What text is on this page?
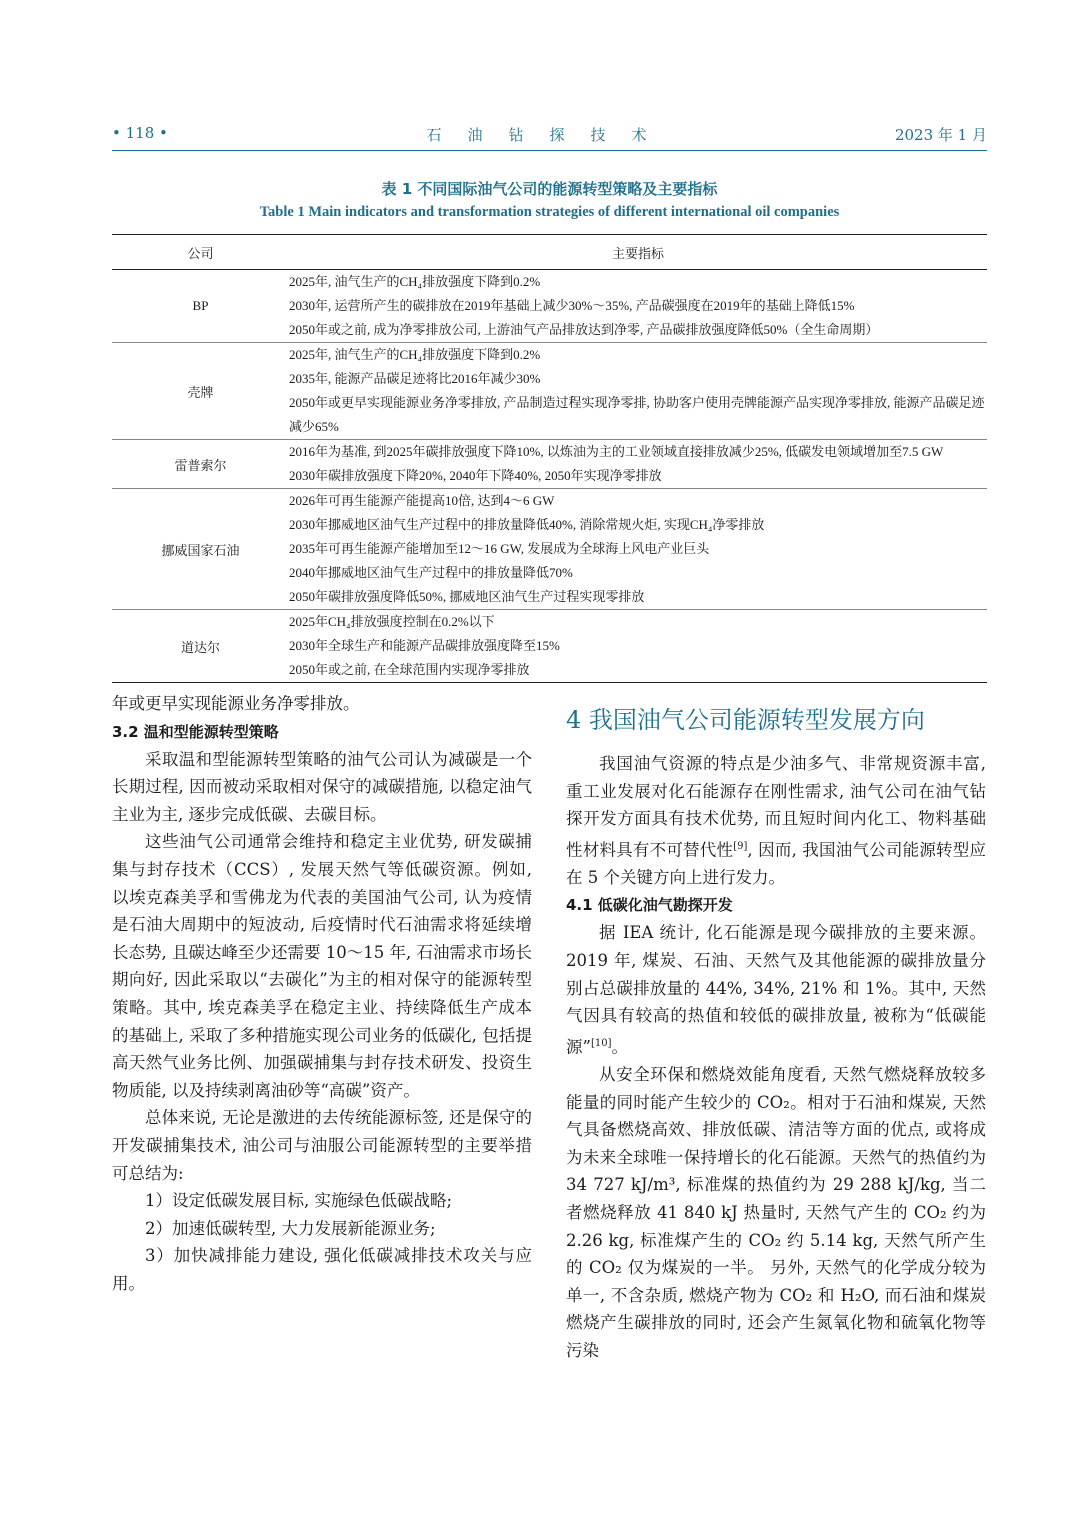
• 118 •	石油钻探技术	2023 年 1 月
表 1 不同国际油气公司的能源转型策略及主要指标
Table 1 Main indicators and transformation strategies of different international oil companies
公司	主要指标
BP	2025年, 油气生产的CH₄排放强度下降到0.2%
2030年, 运营所产生的碳排放在2019年基础上减少30%～35%, 产品碳强度在2019年的基础上降低15%
2050年或之前, 成为净零排放公司, 上游油气产品排放达到净零, 产品碳排放强度降低50%（全生命周期）

壳牌	2025年, 油气生产的CH₄排放强度下降到0.2%
2035年, 能源产品碳足迹将比2016年减少30%
2050年或更早实现能源业务净零排放, 产品制造过程实现净零排, 协助客户使用壳牌能源产品实现净零排放, 能源产品碳足迹减少65%

雷普索尔	2016年为基准, 到2025年碳排放强度下降10%, 以炼油为主的工业领域直接排放减少25%, 低碳发电领域增加至7.5 GW
2030年碳排放强度下降20%, 2040年下降40%, 2050年实现净零排放

挪威国家石油	2026年可再生能源产能提高10倍, 达到4～6 GW
2030年挪威地区油气生产过程中的排放量降低40%, 消除常规火炬, 实现CH₄净零排放
2035年可再生能源产能增加至12～16 GW, 发展成为全球海上风电产业巨头
2040年挪威地区油气生产过程中的排放量降低70%
2050年碳排放强度降低50%, 挪威地区油气生产过程实现零排放

道达尔	2025年CH₄排放强度控制在0.2%以下
2030年全球生产和能源产品碳排放强度降至15%
2050年或之前, 在全球范围内实现净零排放

年或更早实现能源业务净零排放。

3.2 温和型能源转型策略

采取温和型能源转型策略的油气公司认为减碳是一个长期过程, 因而被动采取相对保守的减碳措施, 以稳定油气主业为主, 逐步完成低碳、去碳目标。

这些油气公司通常会维持和稳定主业优势, 研发碳捕集与封存技术（CCS）, 发展天然气等低碳资源。例如, 以埃克森美孚和雪佛龙为代表的美国油气公司, 认为疫情是石油大周期中的短波动, 后疫情时代石油需求将延续增长态势, 且碳达峰至少还需要 10～15 年, 石油需求市场长期向好, 因此采取以“去碳化”为主的相对保守的能源转型策略。其中, 埃克森美孚在稳定主业、持续降低生产成本的基础上, 采取了多种措施实现公司业务的低碳化, 包括提高天然气业务比例、加强碳捕集与封存技术研发、投资生物质能, 以及持续剥离油砂等“高碳”资产。

总体来说, 无论是激进的去传统能源标签, 还是保守的开发碳捕集技术, 油公司与油服公司能源转型的主要举措可总结为:

1）设定低碳发展目标, 实施绿色低碳战略;

2）加速低碳转型, 大力发展新能源业务;

3）加快减排能力建设, 强化低碳减排技术攻关与应用。

4 我国油气公司能源转型发展方向

我国油气资源的特点是少油多气、非常规资源丰富, 重工业发展对化石能源存在刚性需求, 油气公司在油气钻探开发方面具有技术优势, 而且短时间内化工、物料基础性材料具有不可替代性[9], 因而, 我国油气公司能源转型应在 5 个关键方向上进行发力。

4.1 低碳化油气勘探开发

据 IEA 统计, 化石能源是现今碳排放的主要来源。2019 年, 煤炭、石油、天然气及其他能源的碳排放量分别占总碳排放量的 44%, 34%, 21% 和 1%。其中, 天然气因具有较高的热值和较低的碳排放量, 被称为“低碳能源”[10]。

从安全环保和燃烧效能角度看, 天然气燃烧释放较多能量的同时能产生较少的 CO₂。相对于石油和煤炭, 天然气具备燃烧高效、排放低碳、清洁等方面的优点, 或将成为未来全球唯一保持增长的化石能源。天然气的热值约为 34 727 kJ/m³, 标准煤的热值约为 29 288 kJ/kg, 当二者燃烧释放 41 840 kJ 热量时, 天然气产生的 CO₂ 约为 2.26 kg, 标准煤产生的 CO₂ 约 5.14 kg, 天然气所产生的 CO₂ 仅为煤炭的一半。 另外, 天然气的化学成分较为单一, 不含杂质, 燃烧产物为 CO₂ 和 H₂O, 而石油和煤炭燃烧产生碳排放的同时, 还会产生氮氧化物和硫氧化物等污染
